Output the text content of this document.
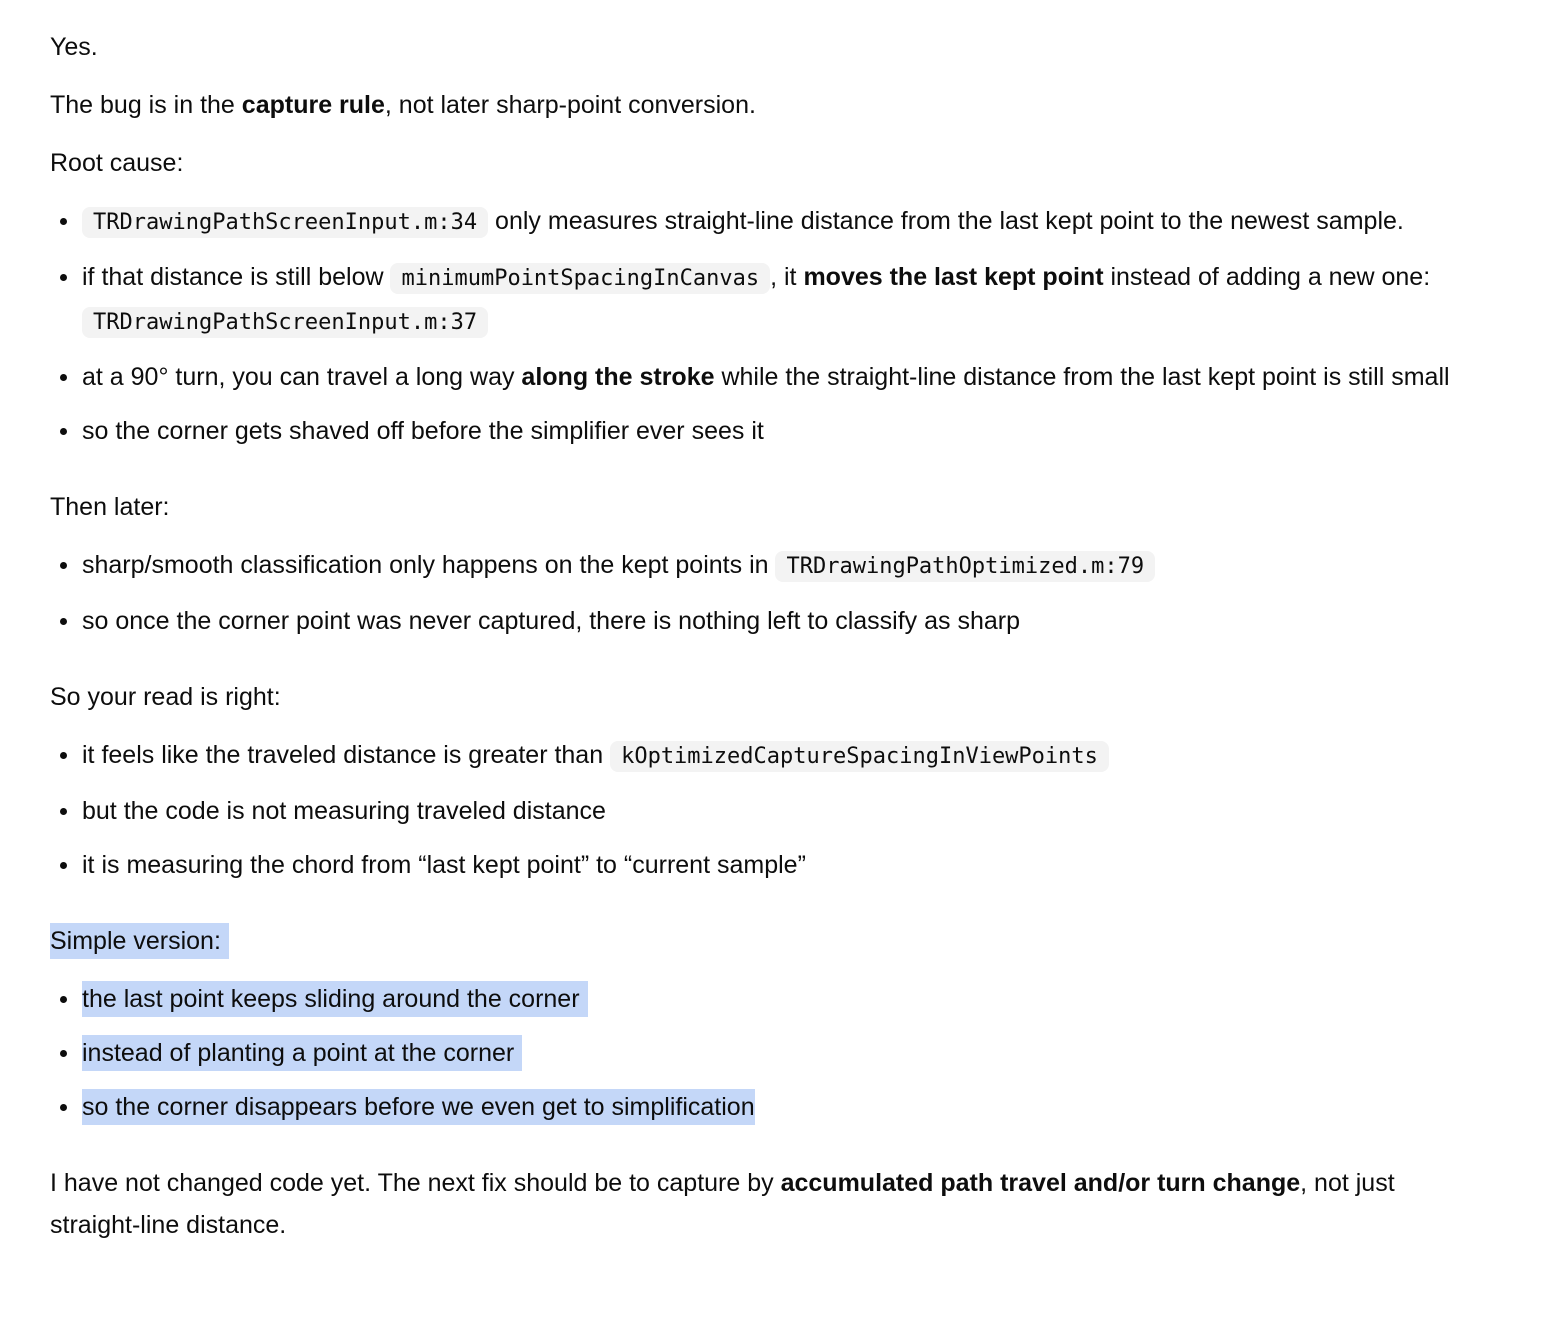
Yes.

The bug is in the capture rule, not later sharp-point conversion.

Root cause:

TRDrawingPathScreenInput.m:34 only measures straight-line distance from the last kept point to the newest sample.
if that distance is still below minimumPointSpacingInCanvas , it moves the last kept point instead of adding a new one: TRDrawingPathScreenInput.m:37
at a 90° turn, you can travel a long way along the stroke while the straight-line distance from the last kept point is still small
so the corner gets shaved off before the simplifier ever sees it

Then later:

sharp/smooth classification only happens on the kept points in TRDrawingPathOptimized.m:79
so once the corner point was never captured, there is nothing left to classify as sharp

So your read is right:

it feels like the traveled distance is greater than kOptimizedCaptureSpacingInViewPoints
but the code is not measuring traveled distance
it is measuring the chord from “last kept point” to “current sample”

Simple version:

the last point keeps sliding around the corner
instead of planting a point at the corner
so the corner disappears before we even get to simplification

I have not changed code yet. The next fix should be to capture by accumulated path travel and/or turn change, not just straight-line distance.
